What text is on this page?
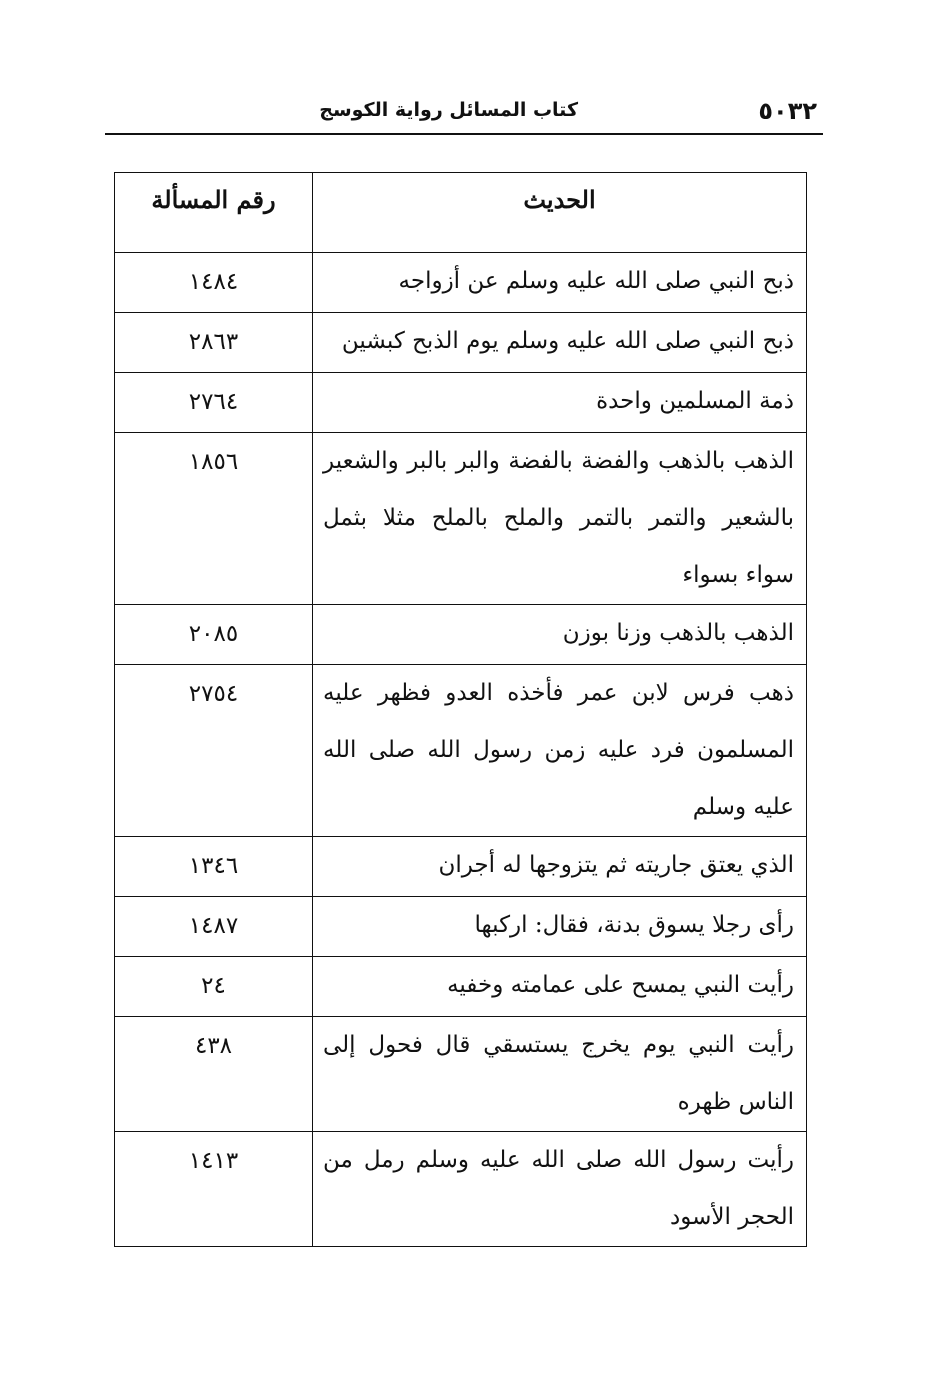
٥٠٣٢
كتاب المسائل رواية الكوسج
الحديث	رقم المسألة
ذبح النبي صلى الله عليه وسلم عن أزواجه	١٤٨٤
ذبح النبي صلى الله عليه وسلم يوم الذبح كبشين	٢٨٦٣
ذمة المسلمين واحدة	٢٧٦٤
الذهب بالذهب والفضة بالفضة والبر بالبر والشعير بالشعير والتمر بالتمر والملح بالملح مثلا بثمل سواء بسواء	١٨٥٦
الذهب بالذهب وزنا بوزن	٢٠٨٥
ذهب فرس لابن عمر فأخذه العدو فظهر عليه المسلمون فرد عليه زمن رسول الله صلى الله عليه وسلم	٢٧٥٤
الذي يعتق جاريته ثم يتزوجها له أجران	١٣٤٦
رأى رجلا يسوق بدنة، فقال: اركبها	١٤٨٧
رأيت النبي يمسح على عمامته وخفيه	٢٤
رأيت النبي يوم يخرج يستسقي قال فحول إلى الناس ظهره	٤٣٨
رأيت رسول الله صلى الله عليه وسلم رمل من الحجر الأسود	١٤١٣
